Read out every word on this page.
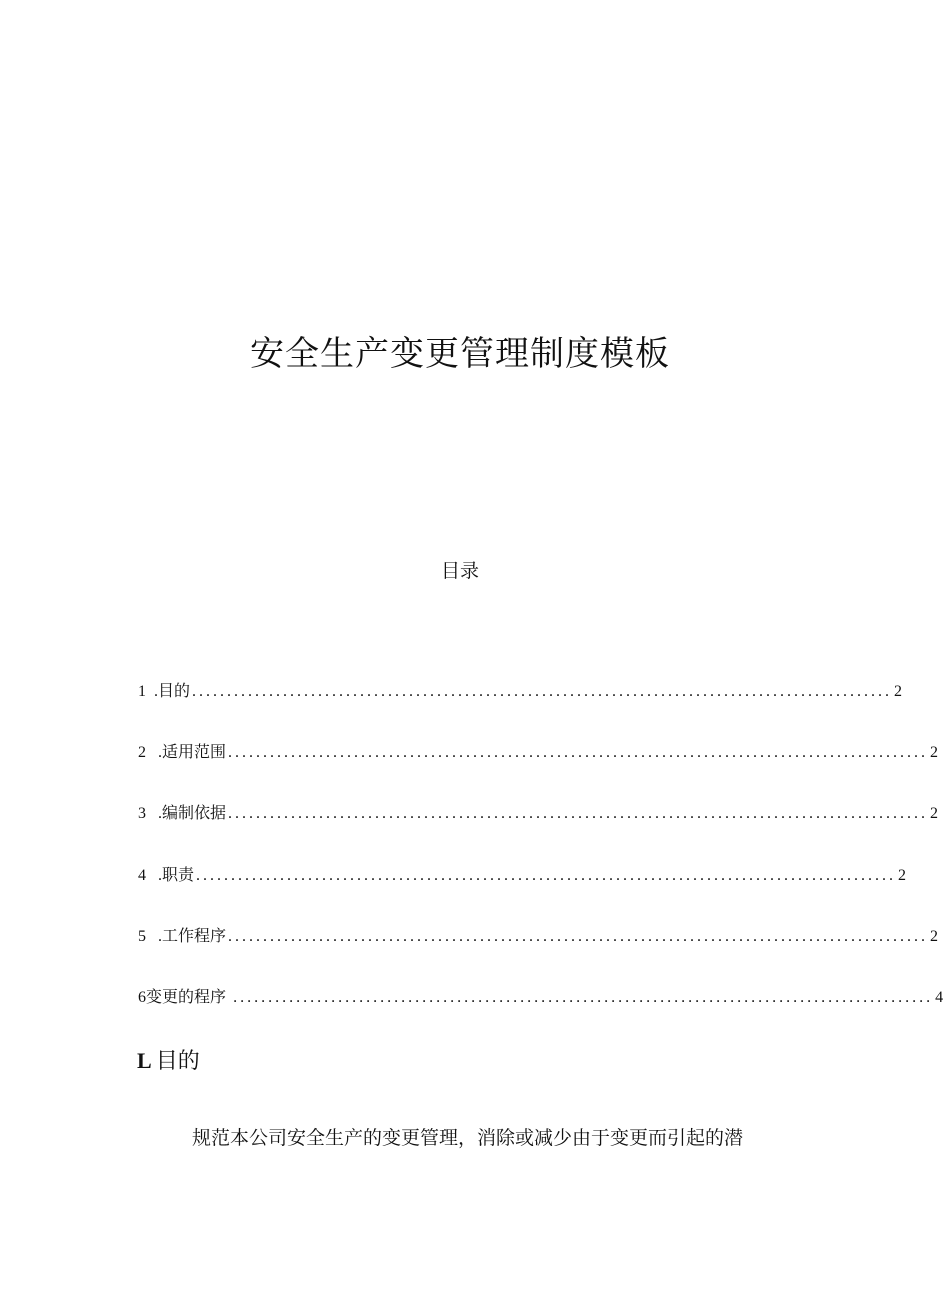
安全生产变更管理制度模板
目录
1  . 目的 .................................................................................................... 2
2   . 适用范围 .................................................................................................... 2
3   . 编制依据 .................................................................................................... 2
4   . 职责 .................................................................................................... 2
5   . 工作程序 .................................................................................................... 2
6 变更的程序 .................................................................................................... 4
L 目的

规范本公司安全生产的变更管理，消除或减少由于变更而引起的潜
